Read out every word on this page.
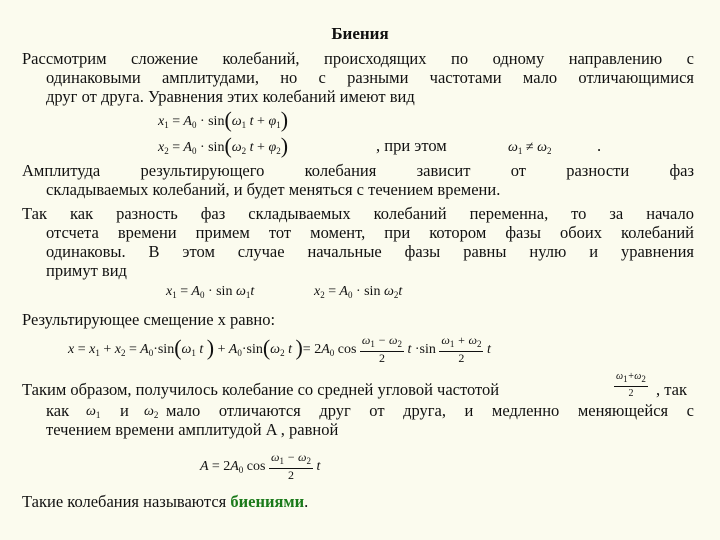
Биения
Рассмотрим сложение колебаний, происходящих по одному направлению с
одинаковыми амплитудами, но с разными частотами мало отличающимися
друг от друга. Уравнения этих колебаний имеют вид
$x_1 = A_0 \cdot \sin(\omega_1$ $t + \varphi_1$)
$x_2 = A_0 \cdot \sin(\omega_2$ $t + \varphi_2$)	, при этом	$\omega_1 \ne \omega_2$	.
Амплитуда результирующего колебания зависит от разности фаз
складываемых колебаний, и будет меняться с течением времени.
Так как разность фаз складываемых колебаний переменна, то за начало
отсчета времени примем тот момент, при котором фазы обоих колебаний
одинаковы. В этом случае начальные фазы равны нулю и уравнения
примут вид
$x_1 = A_0 \cdot \sin \omega_1t$	$x_2 = A_0 \cdot \sin \omega_2t$
Результирующее смещение x равно:
$x = x_1 + x_2 = A_0\cdot\sin(\omega_1$ t ) + $A_0\cdot\sin(\omega_2$ t )= $2A_0$ $\cos \frac{\omega_1 - \omega_2}{2}$ $t \cdot\sin \frac{\omega_1 + \omega_2}{2}$ t
Таким образом, получилось колебание со средней угловой частотой	$\frac{\omega 1+\omega 2}{2}$ , так
как $\omega_1$ и $\omega_2$ мало отличаются друг от друга, и медленно меняющейся с
течением времени амплитудой A , равной
$A = 2A_0$ $\cos \frac{\omega_1 - \omega_2}{2}$ t
Такие колебания называются биениями.
